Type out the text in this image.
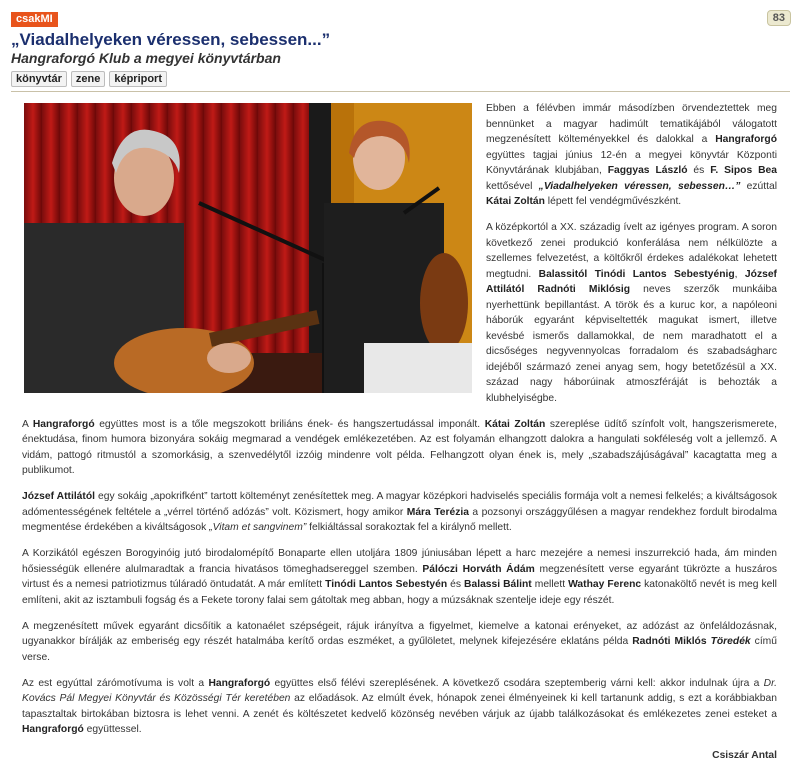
csakMI	83
„Viadalhelyeken véressen, sebessen...”
Hangraforgó Klub a megyei könyvtárban
könyvtár	zene	képriport

Ebben a félévben immár másodízben örvendeztettek meg bennünket a magyar hadimúlt tematikájából válogatott megzenésített költeményekkel és dalokkal a Hangraforgó együttes tagjai június 12-én a megyei könyvtár Központi Könyvtárának klubjában, Faggyas László és F. Sipos Bea kettősével „Viadalhelyeken véressen, sebessen…” ezúttal Kátai Zoltán lépett fel vendégművészként.

A középkortól a XX. századig ívelt az igényes program. A soron következő zenei produkció konferálása nem nélkülözte a szellemes felvezetést, a költőkről érdekes adalékokat lehetett megtudni. Balassitól Tinódi Lantos Sebestyénig, József Attilától Radnóti Miklósig neves szerzők munkáiba nyerhettünk bepillantást. A török és a kuruc kor, a napóleoni háborúk egyaránt képviseltették magukat ismert, illetve kevésbé ismerős dallamokkal, de nem maradhatott el a dicsőséges negyvennyolcas forradalom és szabadságharc idejéből származó zenei anyag sem, hogy betetőzésül a XX. század nagy háborúinak atmoszféráját is behozták a klubhelyiségbe.

A Hangraforgó együttes most is a tőle megszokott briliáns ének- és hangszertudással imponált. Kátai Zoltán szereplése üdítő színfolt volt, hangszerismerete, énektudása, finom humora bizonyára sokáig megmarad a vendégek emlékezetében. Az est folyamán elhangzott dalokra a hangulati sokféleség volt a jellemző. A vidám, pattogó ritmustól a szomorkásig, a szenvedélytől izzóig mindenre volt példa. Felhangzott olyan ének is, mely „szabadszájúságával” kacagtatta meg a publikumot.

József Attilától egy sokáig „apokrifként” tartott költeményt zenésítettek meg. A magyar középkori hadviselés speciális formája volt a nemesi felkelés; a kiváltságosok adómentességének feltétele a „vérrel történő adózás” volt. Közismert, hogy amikor Mára Terézia a pozsonyi országgyűlésen a magyar rendekhez fordult birodalma megmentése érdekében a kiváltságosok „Vitam et sangvinem” felkiáltással sorakoztak fel a királynő mellett.

A Korzikától egészen Borogyinóig jutó birodalomépítő Bonaparte ellen utoljára 1809 júniusában lépett a harc mezejére a nemesi inszurrekció hada, ám minden hősiességük ellenére alulmaradtak a francia hivatásos tömeghadsereggel szemben. Pálóczi Horváth Ádám megzenésített verse egyaránt tükrözte a huszáros virtust és a nemesi patriotizmus túláradó öntudatát. A már említett Tinódi Lantos Sebestyén és Balassi Bálint mellett Wathay Ferenc katonaköltő nevét is meg kell említeni, akit az isztambuli fogság és a Fekete torony falai sem gátoltak meg abban, hogy a múzsáknak szentelje ideje egy részét.

A megzenésített művek egyaránt dicsőítik a katonaélet szépségeit, rájuk irányítva a figyelmet, kiemelve a katonai erényeket, az adózást az önfeláldozásnak, ugyanakkor bírálják az emberiség egy részét hatalmába kerítő ordas eszméket, a gyűlöletet, melynek kifejezésére eklatáns példa Radnóti Miklós Töredék című verse.

Az est egyúttal zárómotívuma is volt a Hangraforgó együttes első félévi szereplésének. A következő csodára szeptemberig várni kell: akkor indulnak újra a Dr. Kovács Pál Megyei Könyvtár és Közösségi Tér keretében az előadások. Az elmúlt évek, hónapok zenei élményeinek ki kell tartanunk addig, s ezt a korábbiakban tapasztaltak birtokában biztosra is lehet venni. A zenét és költészetet kedvelő közönség nevében várjuk az újabb találkozásokat és emlékezetes zenei esteket a Hangraforgó együttessel.

Csiszár Antal
